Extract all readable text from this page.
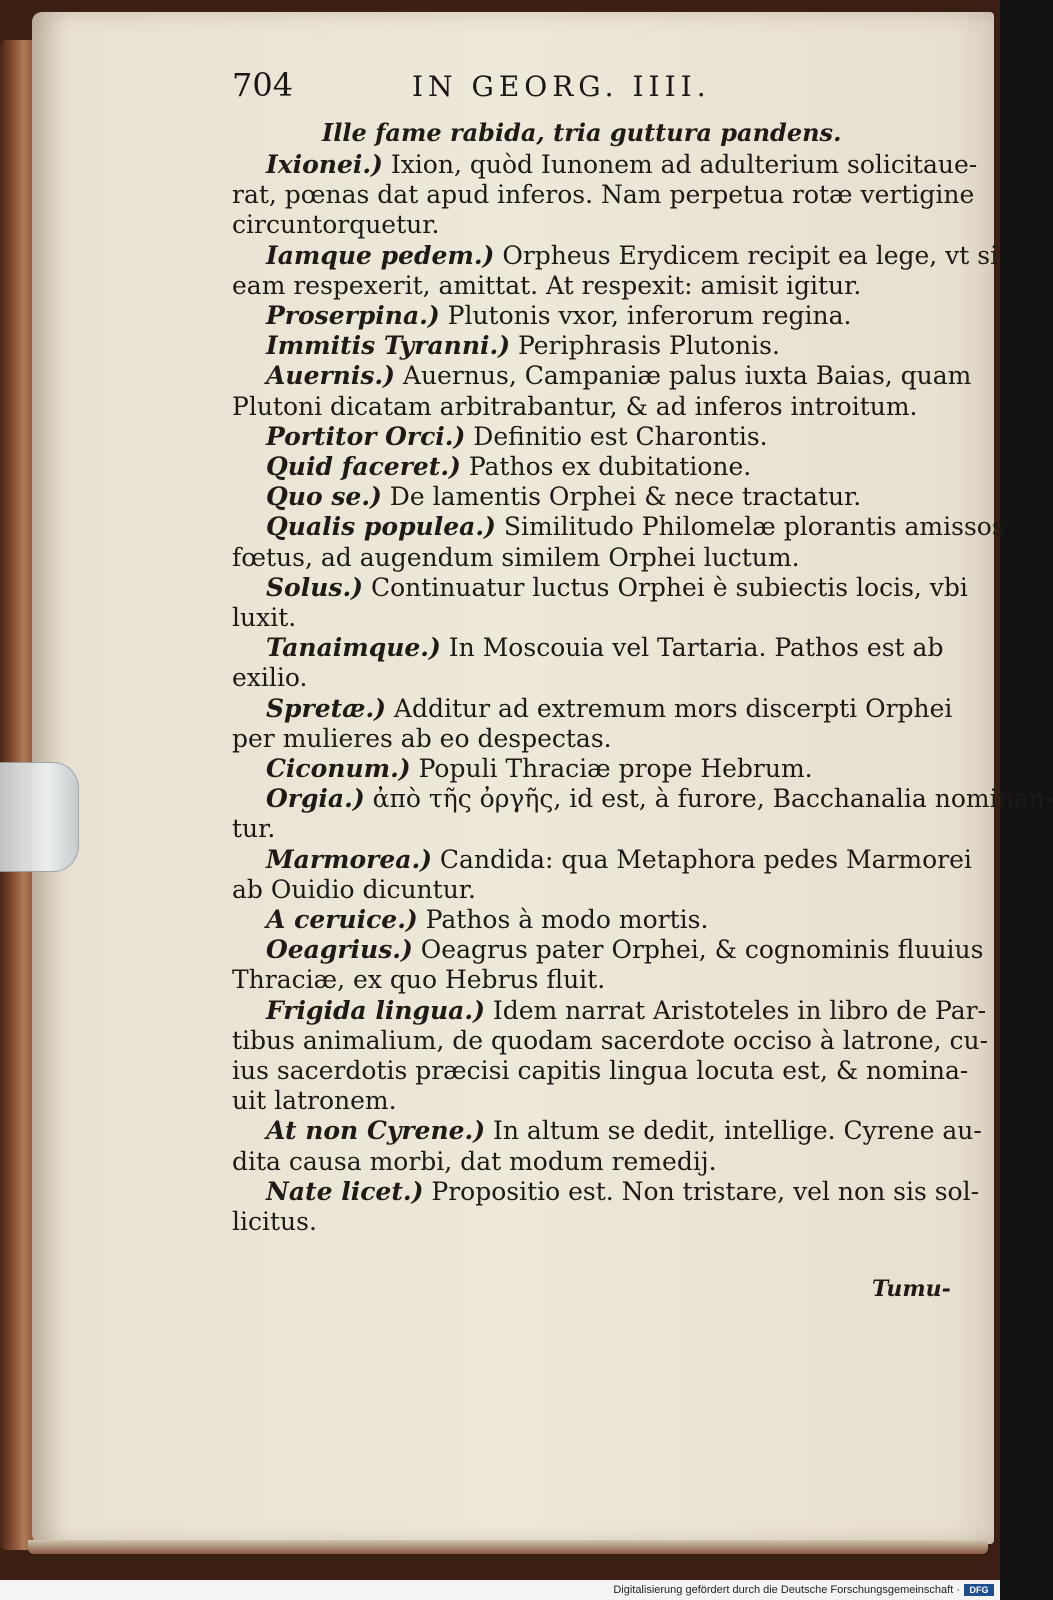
704	IN GEORG. IIII.
Ille fame rabida, tria guttura pandens.
Ixionei.) Ixion, quòd Iunonem ad adulterium solicitaue-
rat, pœnas dat apud inferos. Nam perpetua rotæ vertigine
circuntorquetur.
Iamque pedem.) Orpheus Erydicem recipit ea lege, vt si
eam respexerit, amittat. At respexit: amisit igitur.
Proserpina.) Plutonis vxor, inferorum regina.
Immitis Tyranni.) Periphrasis Plutonis.
Auernis.) Auernus, Campaniæ palus iuxta Baias, quam
Plutoni dicatam arbitrabantur, & ad inferos introitum.
Portitor Orci.) Definitio est Charontis.
Quid faceret.) Pathos ex dubitatione.
Quo se.) De lamentis Orphei & nece tractatur.
Qualis populea.) Similitudo Philomelæ plorantis amissos
fœtus, ad augendum similem Orphei luctum.
Solus.) Continuatur luctus Orphei è subiectis locis, vbi
luxit.
Tanaimque.) In Moscouia vel Tartaria. Pathos est ab
exilio.
Spretæ.) Additur ad extremum mors discerpti Orphei
per mulieres ab eo despectas.
Ciconum.) Populi Thraciæ prope Hebrum.
Orgia.) ἀπὸ τῆς ὀργῆς, id est, à furore, Bacchanalia nominan-
tur.
Marmorea.) Candida: qua Metaphora pedes Marmorei
ab Ouidio dicuntur.
A ceruice.) Pathos à modo mortis.
Oeagrius.) Oeagrus pater Orphei, & cognominis fluuius
Thraciæ, ex quo Hebrus fluit.
Frigida lingua.) Idem narrat Aristoteles in libro de Par-
tibus animalium, de quodam sacerdote occiso à latrone, cu-
ius sacerdotis præcisi capitis lingua locuta est, & nomina-
uit latronem.
At non Cyrene.) In altum se dedit, intellige. Cyrene au-
dita causa morbi, dat modum remedij.
Nate licet.) Propositio est. Non tristare, vel non sis sol-
licitus.
Tumu-
Digitalisierung gefördert durch die Deutsche Forschungsgemeinschaft ·	DFG
